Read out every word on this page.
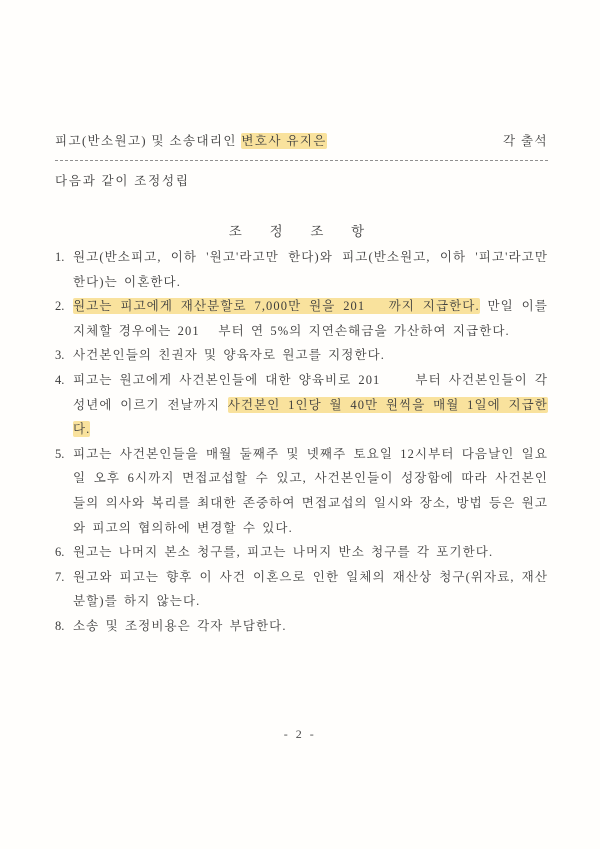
피고(반소원고) 및 소송대리인 변호사 유지은	각 출석
다음과 같이 조정성립
조  정  조  항
1. 원고(반소피고, 이하 '원고'라고만 한다)와 피고(반소원고, 이하 '피고'라고만 한다)는 이혼한다.
2. 원고는 피고에게 재산분할로 7,000만 원을 201   까지 지급한다. 만일 이를 지체할 경우에는 201   부터 연 5%의 지연손해금을 가산하여 지급한다.
3. 사건본인들의 친권자 및 양육자로 원고를 지정한다.
4. 피고는 원고에게 사건본인들에 대한 양육비로 201     부터 사건본인들이 각 성년에 이르기 전날까지 사건본인 1인당 월 40만 원씩을 매월 1일에 지급한다.
5. 피고는 사건본인들을 매월 둘째주 및 넷째주 토요일 12시부터 다음날인 일요일 오후 6시까지 면접교섭할 수 있고, 사건본인들이 성장함에 따라 사건본인들의 의사와 복리를 최대한 존중하여 면접교섭의 일시와 장소, 방법 등은 원고와 피고의 협의하에 변경할 수 있다.
6. 원고는 나머지 본소 청구를, 피고는 나머지 반소 청구를 각 포기한다.
7. 원고와 피고는 향후 이 사건 이혼으로 인한 일체의 재산상 청구(위자료, 재산분할)를 하지 않는다.
8. 소송 및 조정비용은 각자 부담한다.
- 2 -
